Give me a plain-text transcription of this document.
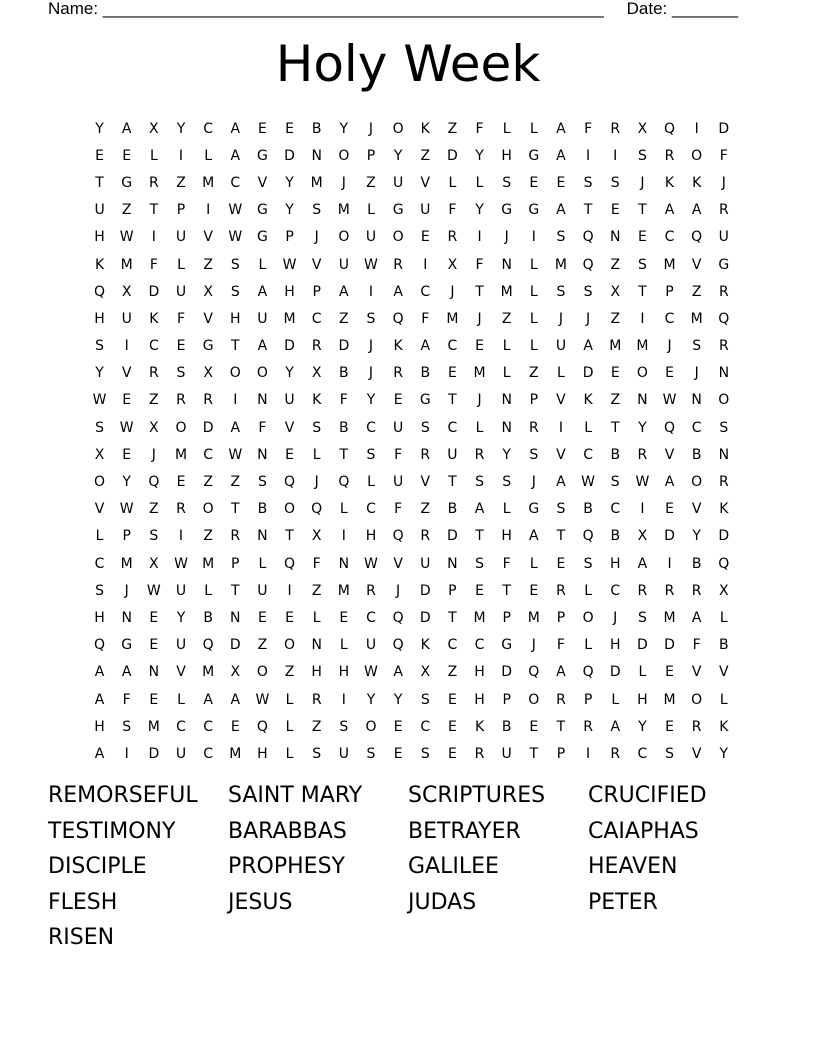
Name: _____________________________________________________ Date: _______
Holy Week
Y	A	X	Y	C	A	E	E	B	Y	J	O	K	Z	F	L	L	A	F	R	X	Q	I	D
E	E	L	I	L	A	G	D	N	O	P	Y	Z	D	Y	H	G	A	I	I	S	R	O	F
T	G	R	Z	M	C	V	Y	M	J	Z	U	V	L	L	S	E	E	S	S	J	K	K	J
U	Z	T	P	I	W	G	Y	S	M	L	G	U	F	Y	G	G	A	T	E	T	A	A	R
H	W	I	U	V	W	G	P	J	O	U	O	E	R	I	J	I	S	Q	N	E	C	Q	U
K	M	F	L	Z	S	L	W	V	U	W	R	I	X	F	N	L	M	Q	Z	S	M	V	G
Q	X	D	U	X	S	A	H	P	A	I	A	C	J	T	M	L	S	S	X	T	P	Z	R
H	U	K	F	V	H	U	M	C	Z	S	Q	F	M	J	Z	L	J	J	Z	I	C	M	Q
S	I	C	E	G	T	A	D	R	D	J	K	A	C	E	L	L	U	A	M	M	J	S	R
Y	V	R	S	X	O	O	Y	X	B	J	R	B	E	M	L	Z	L	D	E	O	E	J	N
W	E	Z	R	R	I	N	U	K	F	Y	E	G	T	J	N	P	V	K	Z	N	W	N	O
S	W	X	O	D	A	F	V	S	B	C	U	S	C	L	N	R	I	L	T	Y	Q	C	S
X	E	J	M	C	W	N	E	L	T	S	F	R	U	R	Y	S	V	C	B	R	V	B	N
O	Y	Q	E	Z	Z	S	Q	J	Q	L	U	V	T	S	S	J	A	W	S	W	A	O	R
V	W	Z	R	O	T	B	O	Q	L	C	F	Z	B	A	L	G	S	B	C	I	E	V	K
L	P	S	I	Z	R	N	T	X	I	H	Q	R	D	T	H	A	T	Q	B	X	D	Y	D
C	M	X	W	M	P	L	Q	F	N	W	V	U	N	S	F	L	E	S	H	A	I	B	Q
S	J	W	U	L	T	U	I	Z	M	R	J	D	P	E	T	E	R	L	C	R	R	R	X
H	N	E	Y	B	N	E	E	L	E	C	Q	D	T	M	P	M	P	O	J	S	M	A	L
Q	G	E	U	Q	D	Z	O	N	L	U	Q	K	C	C	G	J	F	L	H	D	D	F	B
A	A	N	V	M	X	O	Z	H	H	W	A	X	Z	H	D	Q	A	Q	D	L	E	V	V
A	F	E	L	A	A	W	L	R	I	Y	Y	S	E	H	P	O	R	P	L	H	M	O	L
H	S	M	C	C	E	Q	L	Z	S	O	E	C	E	K	B	E	T	R	A	Y	E	R	K
A	I	D	U	C	M	H	L	S	U	S	E	S	E	R	U	T	P	I	R	C	S	V	Y
REMORSEFUL	SAINT MARY	SCRIPTURES	CRUCIFIED
TESTIMONY	BARABBAS	BETRAYER	CAIAPHAS
DISCIPLE	PROPHESY	GALILEE	HEAVEN
FLESH	JESUS	JUDAS	PETER
RISEN
